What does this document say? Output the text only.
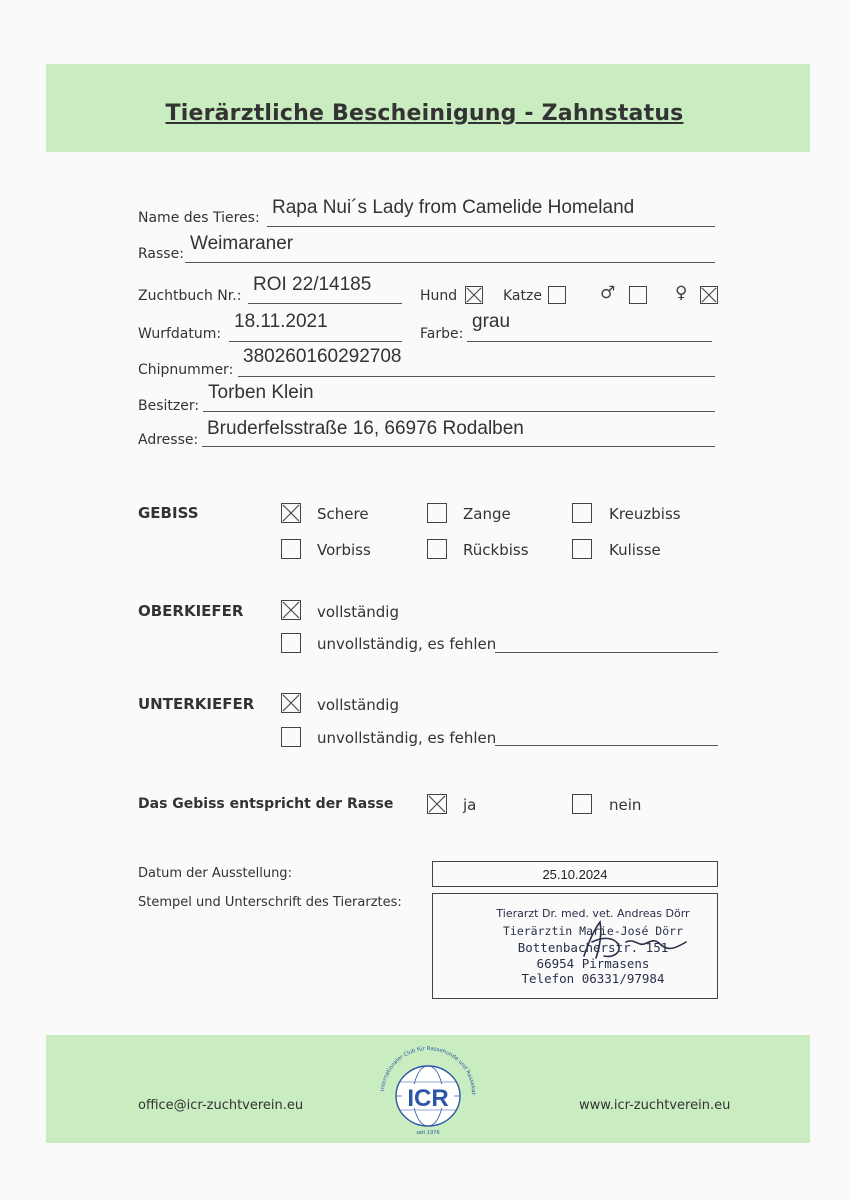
Tierärztliche Bescheinigung - Zahnstatus
Name des Tieres: Rapa Nui´s Lady from Camelide Homeland
Rasse: Weimaraner
Zuchtbuch Nr.:
ROI 22/14185
Hund	Katze	♂	♀
Wurfdatum:
18.11.2021
Farbe:
grau
Chipnummer:
380260160292708
Besitzer:
Torben Klein
Adresse:
Bruderfelsstraße 16, 66976 Rodalben
GEBISS	Schere	Zange	Kreuzbiss
Vorbiss	Rückbiss	Kulisse
OBERKIEFER	vollständig
unvollständig, es fehlen
UNTERKIEFER	vollständig
unvollständig, es fehlen
Das Gebiss entspricht der Rasse	ja	nein
Datum der Ausstellung:	25.10.2024
Stempel und Unterschrift des Tierarztes:
Tierarzt Dr. med. vet. Andreas Dörr
Tierärztin Marie-José Dörr
Bottenbacherstr. 151
66954 Pirmasens
Telefon 06331/97984
office@icr-zuchtverein.eu	www.icr-zuchtverein.eu
Internationaler Club für Rassehunde und Rassekat
ICR
seit 1976
